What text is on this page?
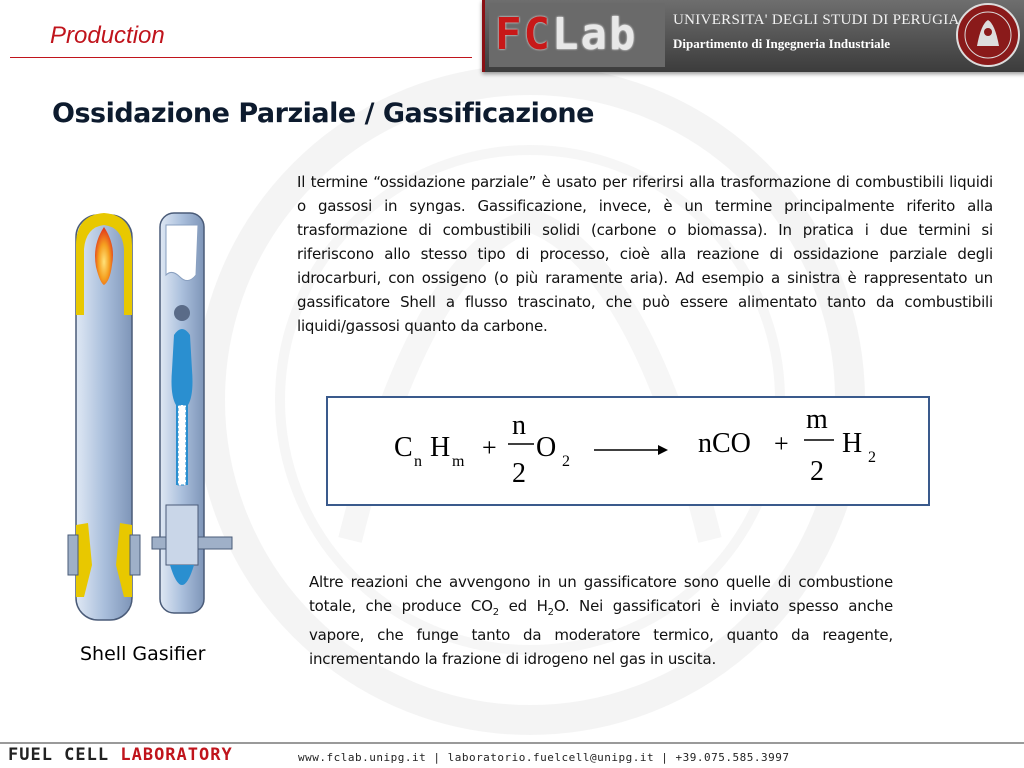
Production	FCLab UNIVERSITA' DEGLI STUDI DI PERUGIA
Dipartimento di Ingegneria Industriale
Ossidazione Parziale / Gassificazione
Il termine “ossidazione parziale” è usato per riferirsi alla trasformazione di combustibili liquidi o gassosi in syngas. Gassificazione, invece, è un termine principalmente riferito alla trasformazione di combustibili solidi (carbone o biomassa). In pratica i due termini si riferiscono allo stesso tipo di processo, cioè alla reazione di ossidazione parziale degli idrocarburi, con ossigeno (o più raramente aria). Ad esempio a sinistra è rappresentato un gassificatore Shell a flusso trascinato, che può essere alimentato tanto da combustibili liquidi/gassosi quanto da carbone.
Shell Gasifier
C n H m +
n
2
O 2
nCO +
m
2
H 2
Altre reazioni che avvengono in un gassificatore sono quelle di combustione totale, che produce $CO_2$ ed $H_2O$. Nei gassificatori è inviato spesso anche vapore, che funge tanto da moderatore termico, quanto da reagente, incrementando la frazione di idrogeno nel gas in uscita.
FUEL CELL LABORATORY	www.fclab.unipg.it | laboratorio.fuelcell@unipg.it | +39.075.585.3997
